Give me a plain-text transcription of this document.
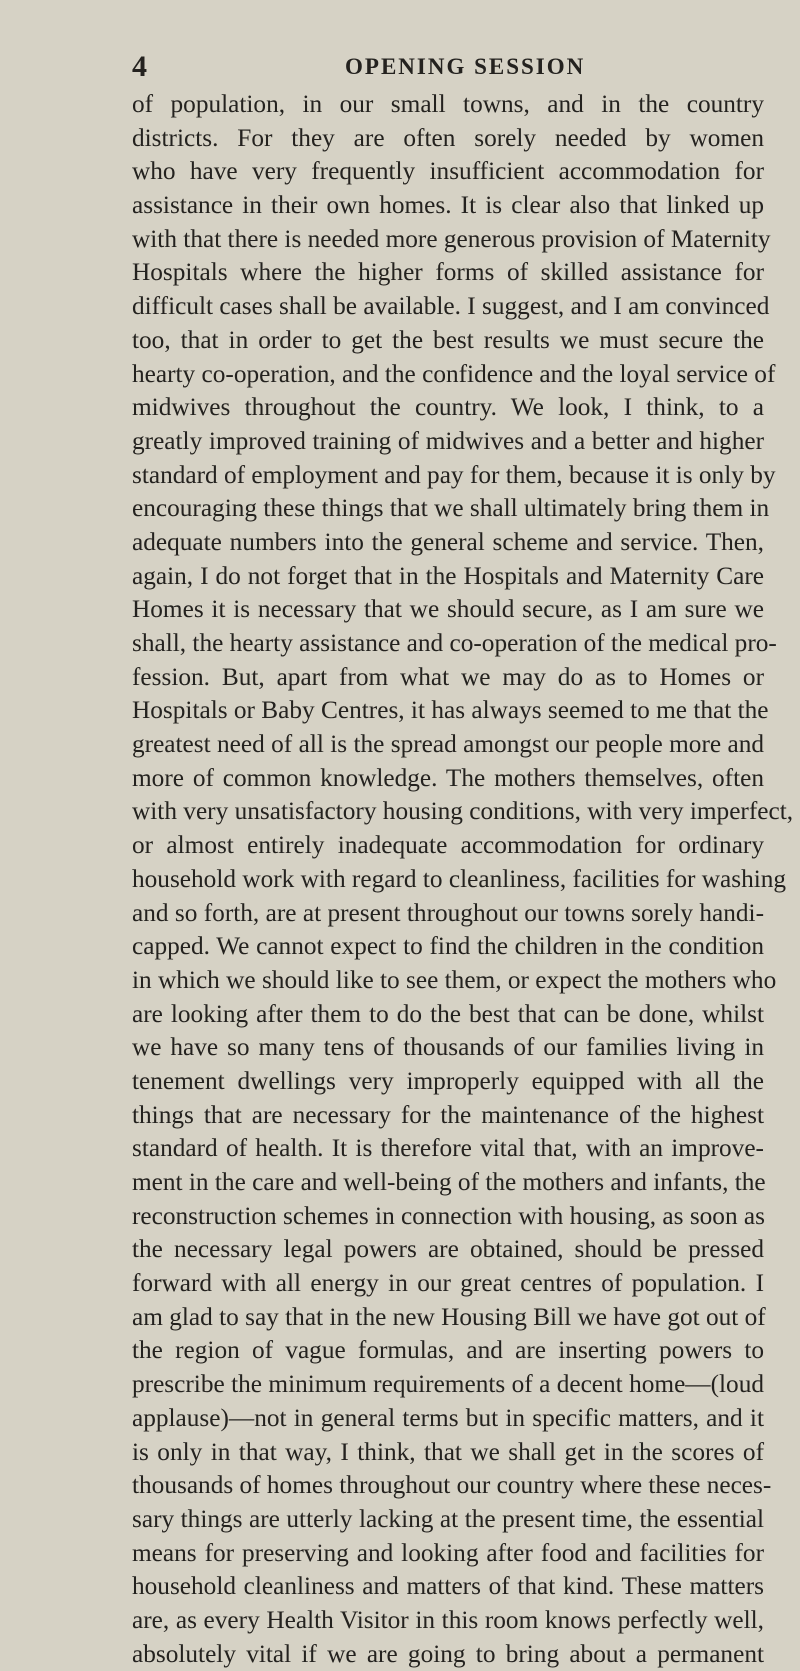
4	OPENING SESSION
of population, in our small towns, and in the country
districts. For they are often sorely needed by women
who have very frequently insufficient accommodation for
assistance in their own homes. It is clear also that linked up
with that there is needed more generous provision of Maternity
Hospitals where the higher forms of skilled assistance for
difficult cases shall be available. I suggest, and I am convinced
too, that in order to get the best results we must secure the
hearty co-operation, and the confidence and the loyal service of
midwives throughout the country. We look, I think, to a
greatly improved training of midwives and a better and higher
standard of employment and pay for them, because it is only by
encouraging these things that we shall ultimately bring them in
adequate numbers into the general scheme and service. Then,
again, I do not forget that in the Hospitals and Maternity Care
Homes it is necessary that we should secure, as I am sure we
shall, the hearty assistance and co-operation of the medical pro-
fession. But, apart from what we may do as to Homes or
Hospitals or Baby Centres, it has always seemed to me that the
greatest need of all is the spread amongst our people more and
more of common knowledge. The mothers themselves, often
with very unsatisfactory housing conditions, with very imperfect,
or almost entirely inadequate accommodation for ordinary
household work with regard to cleanliness, facilities for washing
and so forth, are at present throughout our towns sorely handi-
capped. We cannot expect to find the children in the condition
in which we should like to see them, or expect the mothers who
are looking after them to do the best that can be done, whilst
we have so many tens of thousands of our families living in
tenement dwellings very improperly equipped with all the
things that are necessary for the maintenance of the highest
standard of health. It is therefore vital that, with an improve-
ment in the care and well-being of the mothers and infants, the
reconstruction schemes in connection with housing, as soon as
the necessary legal powers are obtained, should be pressed
forward with all energy in our great centres of population. I
am glad to say that in the new Housing Bill we have got out of
the region of vague formulas, and are inserting powers to
prescribe the minimum requirements of a decent home—(loud
applause)—not in general terms but in specific matters, and it
is only in that way, I think, that we shall get in the scores of
thousands of homes throughout our country where these neces-
sary things are utterly lacking at the present time, the essential
means for preserving and looking after food and facilities for
household cleanliness and matters of that kind. These matters
are, as every Health Visitor in this room knows perfectly well,
absolutely vital if we are going to bring about a permanent
